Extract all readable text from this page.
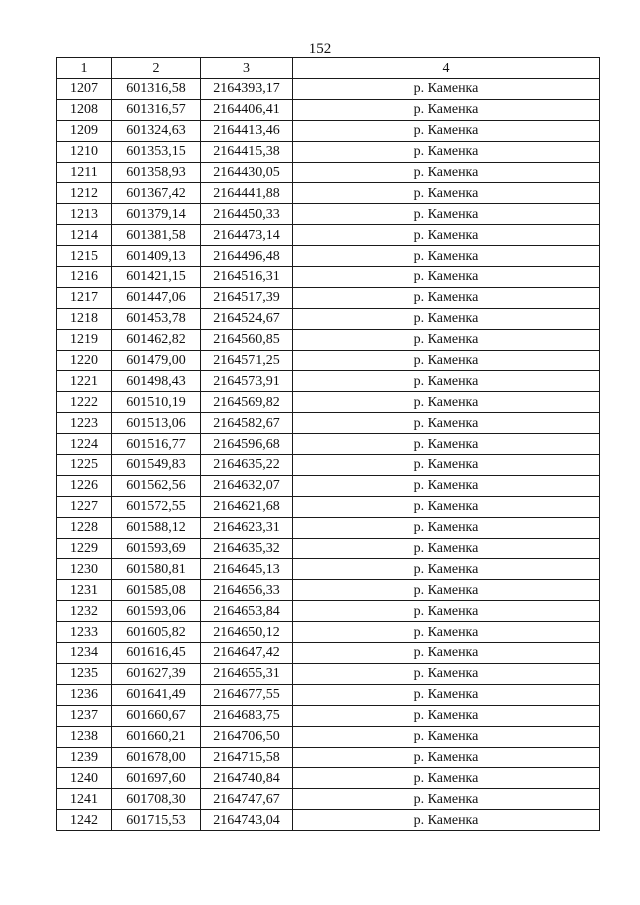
152
1	2	3	4
1207	601316,58	2164393,17	р. Каменка
1208	601316,57	2164406,41	р. Каменка
1209	601324,63	2164413,46	р. Каменка
1210	601353,15	2164415,38	р. Каменка
1211	601358,93	2164430,05	р. Каменка
1212	601367,42	2164441,88	р. Каменка
1213	601379,14	2164450,33	р. Каменка
1214	601381,58	2164473,14	р. Каменка
1215	601409,13	2164496,48	р. Каменка
1216	601421,15	2164516,31	р. Каменка
1217	601447,06	2164517,39	р. Каменка
1218	601453,78	2164524,67	р. Каменка
1219	601462,82	2164560,85	р. Каменка
1220	601479,00	2164571,25	р. Каменка
1221	601498,43	2164573,91	р. Каменка
1222	601510,19	2164569,82	р. Каменка
1223	601513,06	2164582,67	р. Каменка
1224	601516,77	2164596,68	р. Каменка
1225	601549,83	2164635,22	р. Каменка
1226	601562,56	2164632,07	р. Каменка
1227	601572,55	2164621,68	р. Каменка
1228	601588,12	2164623,31	р. Каменка
1229	601593,69	2164635,32	р. Каменка
1230	601580,81	2164645,13	р. Каменка
1231	601585,08	2164656,33	р. Каменка
1232	601593,06	2164653,84	р. Каменка
1233	601605,82	2164650,12	р. Каменка
1234	601616,45	2164647,42	р. Каменка
1235	601627,39	2164655,31	р. Каменка
1236	601641,49	2164677,55	р. Каменка
1237	601660,67	2164683,75	р. Каменка
1238	601660,21	2164706,50	р. Каменка
1239	601678,00	2164715,58	р. Каменка
1240	601697,60	2164740,84	р. Каменка
1241	601708,30	2164747,67	р. Каменка
1242	601715,53	2164743,04	р. Каменка
